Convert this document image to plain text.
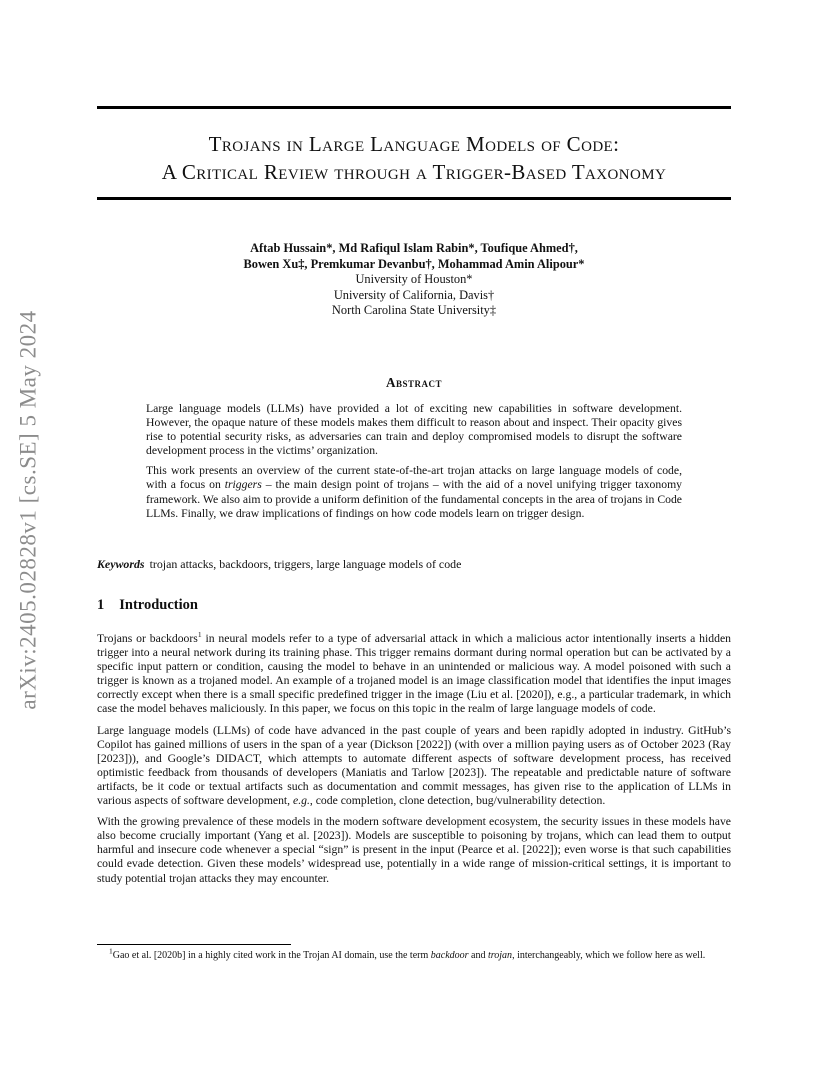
arXiv:2405.02828v1 [cs.SE] 5 May 2024
Trojans in Large Language Models of Code:
A Critical Review through a Trigger-Based Taxonomy
Aftab Hussain*, Md Rafiqul Islam Rabin*, Toufique Ahmed†,
Bowen Xu‡, Premkumar Devanbu†, Mohammad Amin Alipour*
University of Houston*
University of California, Davis†
North Carolina State University‡
Abstract

Large language models (LLMs) have provided a lot of exciting new capabilities in software development. However, the opaque nature of these models makes them difficult to reason about and inspect. Their opacity gives rise to potential security risks, as adversaries can train and deploy compromised models to disrupt the software development process in the victims’ organization.

This work presents an overview of the current state-of-the-art trojan attacks on large language models of code, with a focus on triggers – the main design point of trojans – with the aid of a novel unifying trigger taxonomy framework. We also aim to provide a uniform definition of the fundamental concepts in the area of trojans in Code LLMs. Finally, we draw implications of findings on how code models learn on trigger design.

Keywords trojan attacks, backdoors, triggers, large language models of code
1 Introduction

Trojans or backdoors$^1$ in neural models refer to a type of adversarial attack in which a malicious actor intentionally inserts a hidden trigger into a neural network during its training phase. This trigger remains dormant during normal operation but can be activated by a specific input pattern or condition, causing the model to behave in an unintended or malicious way. A model poisoned with such a trigger is known as a trojaned model. An example of a trojaned model is an image classification model that identifies the input images correctly except when there is a small specific predefined trigger in the image (Liu et al. [2020]), e.g., a particular trademark, in which case the model behaves maliciously. In this paper, we focus on this topic in the realm of large language models of code.

Large language models (LLMs) of code have advanced in the past couple of years and been rapidly adopted in industry. GitHub’s Copilot has gained millions of users in the span of a year (Dickson [2022]) (with over a million paying users as of October 2023 (Ray [2023])), and Google’s DIDACT, which attempts to automate different aspects of software development process, has received optimistic feedback from thousands of developers (Maniatis and Tarlow [2023]). The repeatable and predictable nature of software artifacts, be it code or textual artifacts such as documentation and commit messages, has given rise to the application of LLMs in various aspects of software development, e.g., code completion, clone detection, bug/vulnerability detection.

With the growing prevalence of these models in the modern software development ecosystem, the security issues in these models have also become crucially important (Yang et al. [2023]). Models are susceptible to poisoning by trojans, which can lead them to output harmful and insecure code whenever a special “sign” is present in the input (Pearce et al. [2022]); even worse is that such capabilities could evade detection. Given these models’ widespread use, potentially in a wide range of mission-critical settings, it is important to study potential trojan attacks they may encounter.

$^1$Gao et al. [2020b] in a highly cited work in the Trojan AI domain, use the term backdoor and trojan, interchangeably, which we follow here as well.
